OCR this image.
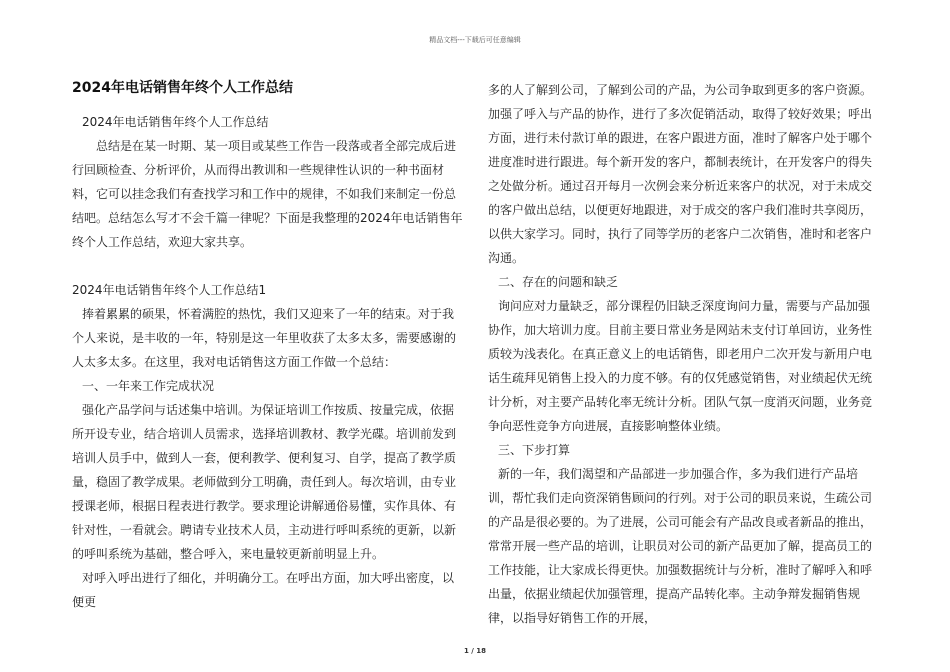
精品文档---下载后可任意编辑
2024年电话销售年终个人工作总结

2024年电话销售年终个人工作总结

总结是在某一时期、某一项目或某些工作告一段落或者全部完成后进行回顾检查、分析评价，从而得出教训和一些规律性认识的一种书面材料，它可以挂念我们有查找学习和工作中的规律，不如我们来制定一份总结吧。总结怎么写才不会千篇一律呢？下面是我整理的2024年电话销售年终个人工作总结，欢迎大家共享。

2024年电话销售年终个人工作总结1

捧着累累的硕果，怀着满腔的热忱，我们又迎来了一年的结束。对于我个人来说，是丰收的一年，特别是这一年里收获了太多太多，需要感谢的人太多太多。在这里，我对电话销售这方面工作做一个总结：

一、一年来工作完成状况

强化产品学问与话述集中培训。为保证培训工作按质、按量完成，依据所开设专业，结合培训人员需求，选择培训教材、教学光碟。培训前发到培训人员手中，做到人一套，便利教学、便利复习、自学，提高了教学质量，稳固了教学成果。老师做到分工明确，责任到人。每次培训，由专业授课老师，根据日程表进行教学。要求理论讲解通俗易懂，实作具体、有针对性，一看就会。聘请专业技术人员，主动进行呼叫系统的更新，以新的呼叫系统为基础，整合呼入，来电量较更新前明显上升。

对呼入呼出进行了细化，并明确分工。在呼出方面，加大呼出密度，以便更

多的人了解到公司，了解到公司的产品，为公司争取到更多的客户资源。加强了呼入与产品的协作，进行了多次促销活动，取得了较好效果；呼出方面，进行未付款订单的跟进，在客户跟进方面，准时了解客户处于哪个进度准时进行跟进。每个新开发的客户，都制表统计，在开发客户的得失之处做分析。通过召开每月一次例会来分析近来客户的状况，对于未成交的客户做出总结，以便更好地跟进，对于成交的客户我们准时共享阅历，以供大家学习。同时，执行了同等学历的老客户二次销售，准时和老客户沟通。

二、存在的问题和缺乏

询问应对力量缺乏，部分课程仍旧缺乏深度询问力量，需要与产品加强协作，加大培训力度。目前主要日常业务是网站未支付订单回访，业务性质较为浅表化。在真正意义上的电话销售，即老用户二次开发与新用户电话生疏拜见销售上投入的力度不够。有的仅凭感觉销售，对业绩起伏无统计分析，对主要产品转化率无统计分析。团队气氛一度消灭问题，业务竞争向恶性竞争方向进展，直接影响整体业绩。

三、下步打算

新的一年，我们渴望和产品部进一步加强合作，多为我们进行产品培训，帮忙我们走向资深销售顾问的行列。对于公司的职员来说，生疏公司的产品是很必要的。为了进展，公司可能会有产品改良或者新品的推出，常常开展一些产品的培训，让职员对公司的新产品更加了解，提高员工的工作技能，让大家成长得更快。加强数据统计与分析，准时了解呼入和呼出量，依据业绩起伏加强管理，提高产品转化率。主动争辩发掘销售规律，以指导好销售工作的开展，

1 / 18
